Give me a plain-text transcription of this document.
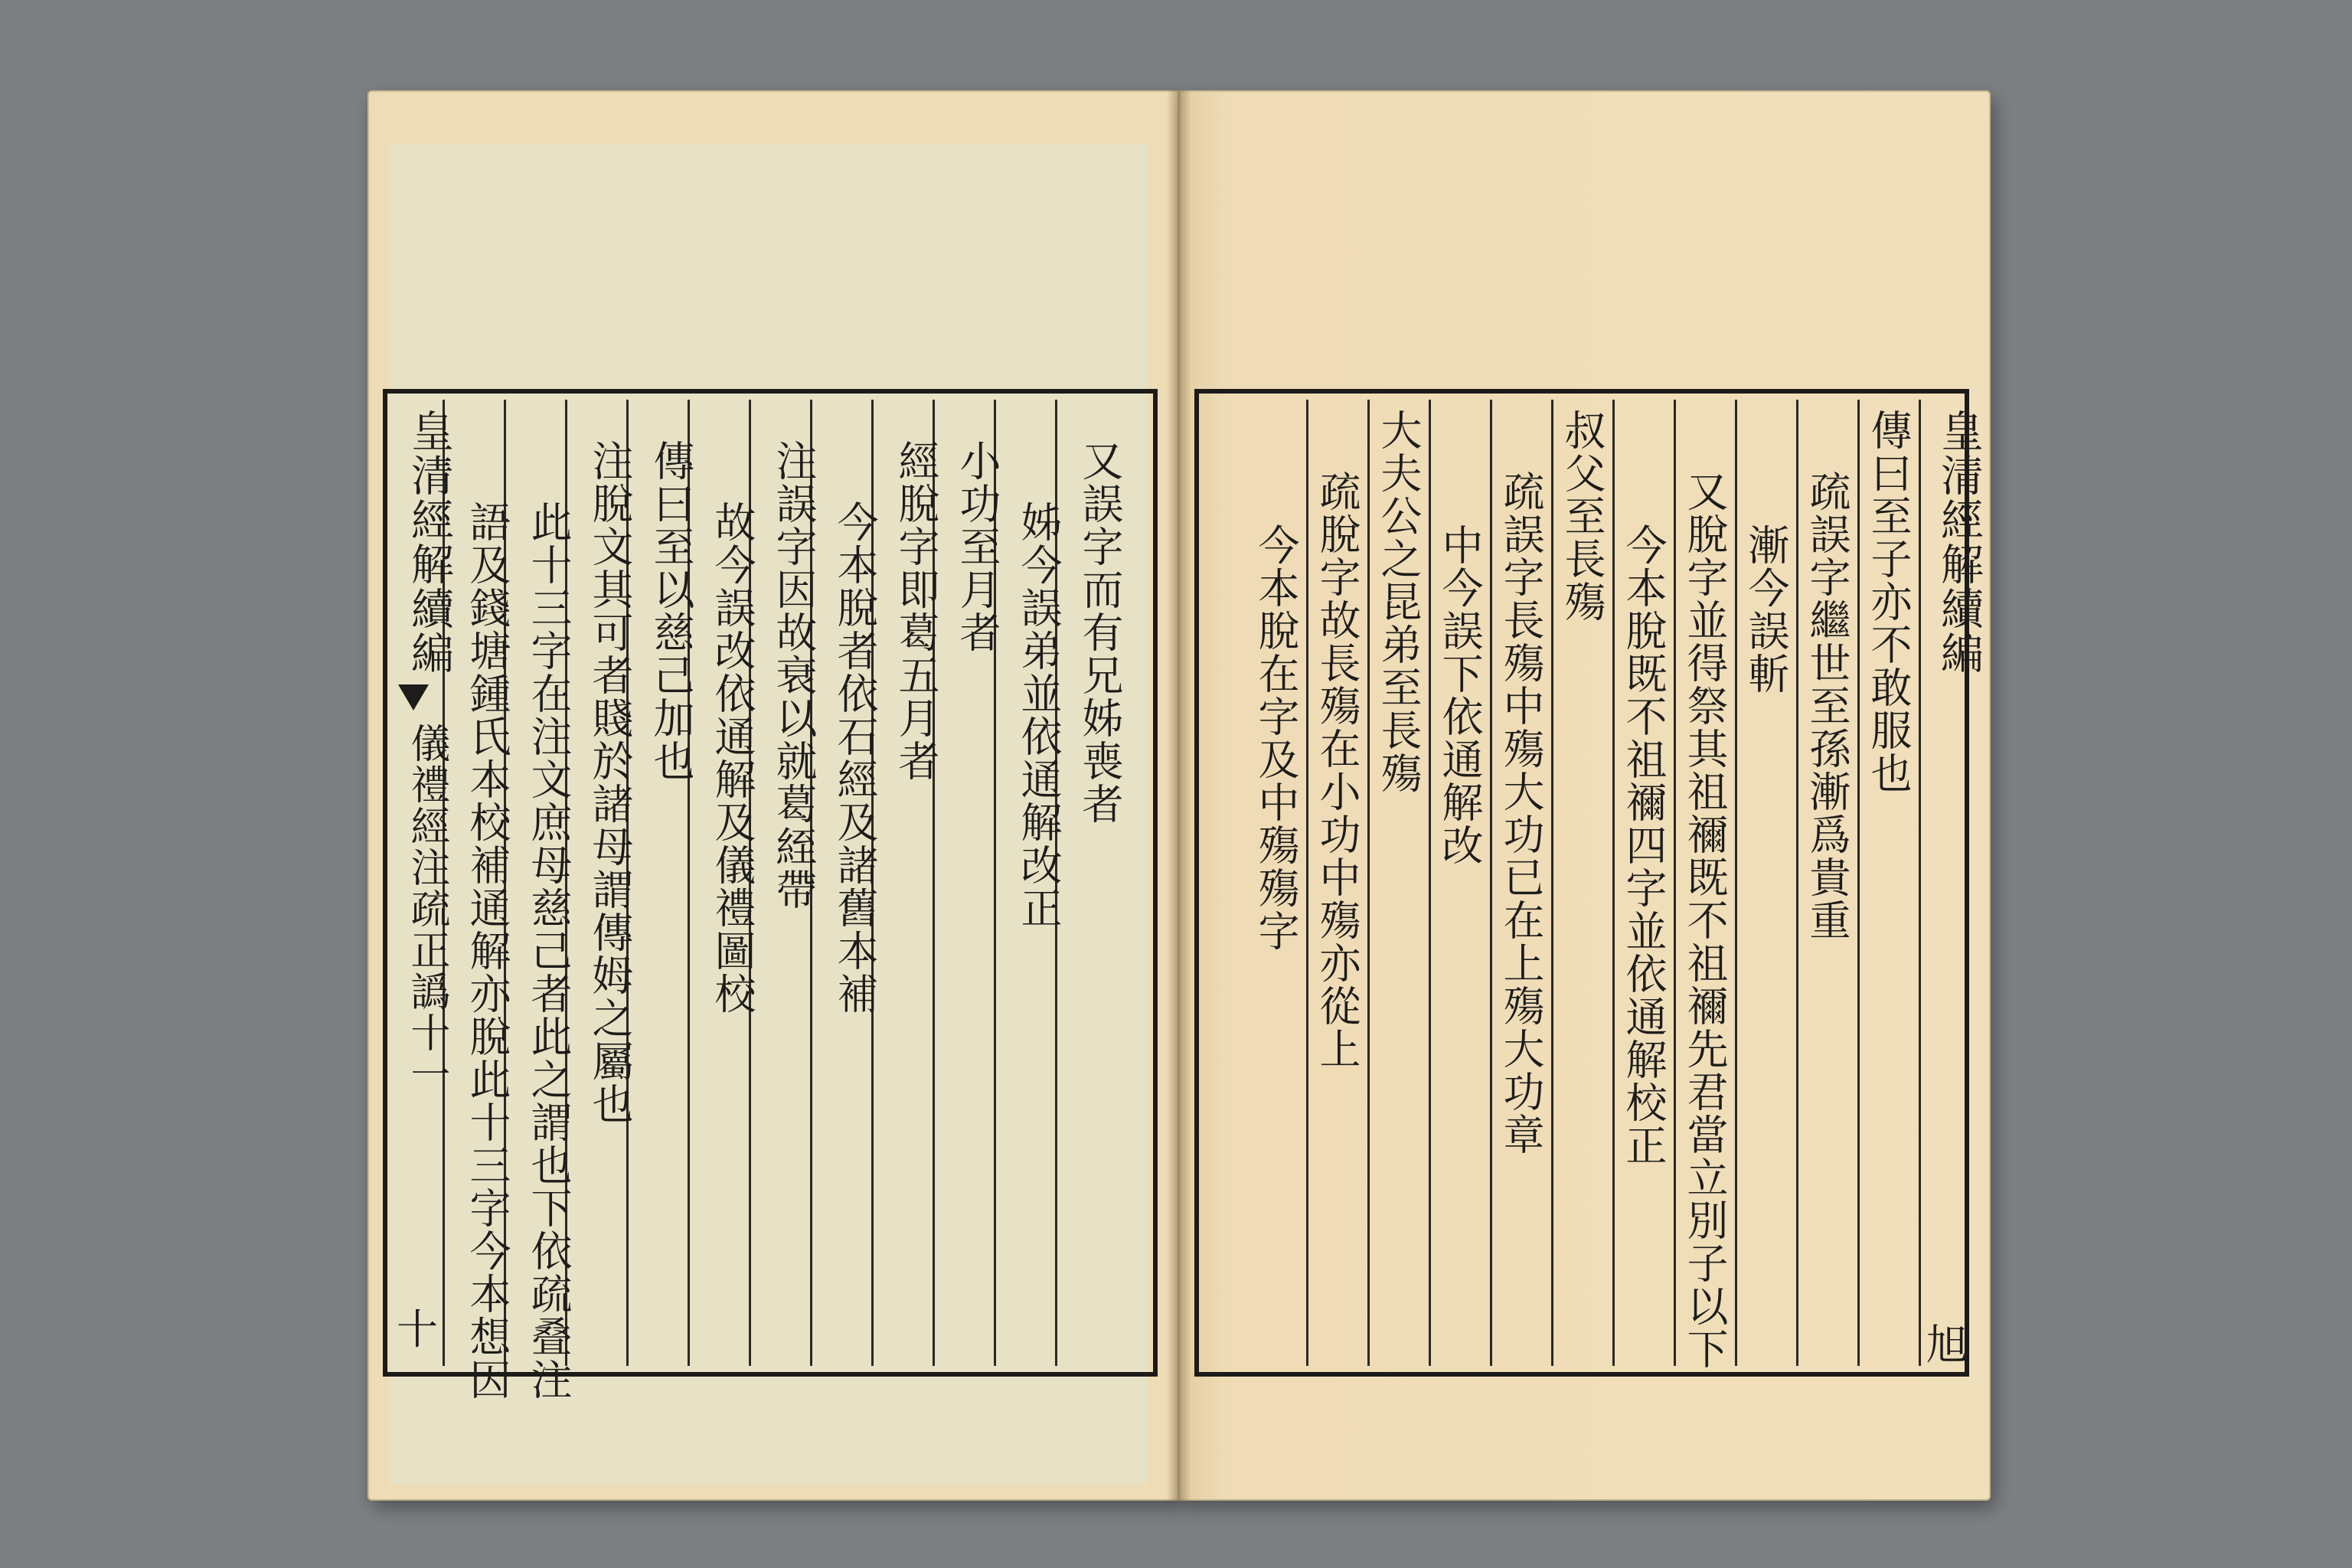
又誤字而有兄姊喪者
姊今誤弟並依通解改正
小功至月者
經脫字即葛五月者
今本脫者依石經及諸舊本補
注誤字因故衰以就葛絰帶
故今誤改依通解及儀禮圖校
傳曰至以慈己加也
注脫文其可者賤於諸母謂傳姆之屬也
此十三字在注文庶母慈己者此之謂也下依疏叠注
語及錢塘鍾氏本校補通解亦脫此十三字今本想因
皇清經解續編
儀禮經注疏正譌十一
十
皇清經解續編
旭
傳曰至子亦不敢服也
疏誤字繼世至孫漸爲貴重
漸今誤斬
又脫字並得祭其祖禰既不祖禰先君當立別子以下
今本脫既不祖禰四字並依通解校正
叔父至長殤
疏誤字長殤中殤大功已在上殤大功章
中今誤下依通解改
大夫公之昆弟至長殤
疏脫字故長殤在小功中殤亦從上
今本脫在字及中殤殤字
